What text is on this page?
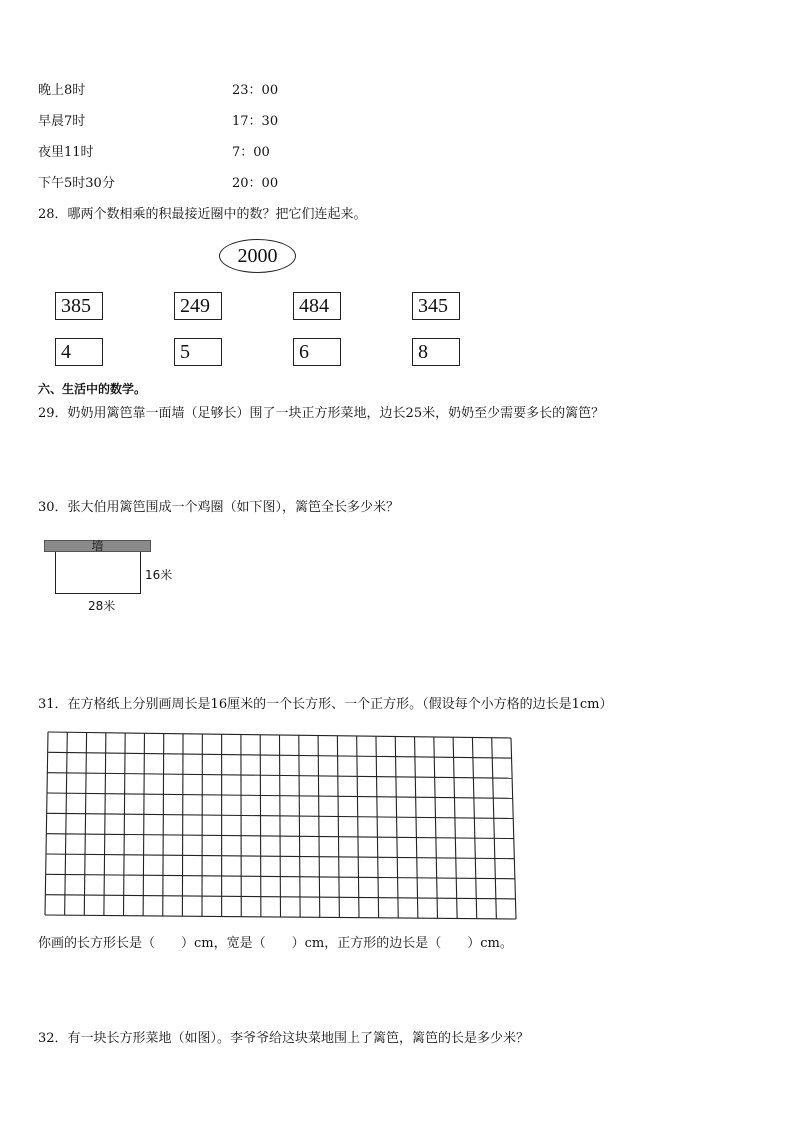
晚上8时	23：00
早晨7时	17：30
夜里11时	7：00
下午5时30分	20：00
28．哪两个数相乘的积最接近圈中的数？把它们连起来。
2000
385	249	484	345
4	5	6	8
六、生活中的数学。
29．奶奶用篱笆靠一面墙（足够长）围了一块正方形菜地，边长25米，奶奶至少需要多长的篱笆？
30．张大伯用篱笆围成一个鸡圈（如下图），篱笆全长多少米？
墙
16米
28米
31．在方格纸上分别画周长是16厘米的一个长方形、一个正方形。（假设每个小方格的边长是1cm）
你画的长方形长是（　　）cm，宽是（　　）cm，正方形的边长是（　　）cm。
32．有一块长方形菜地（如图）。李爷爷给这块菜地围上了篱笆，篱笆的长是多少米？
